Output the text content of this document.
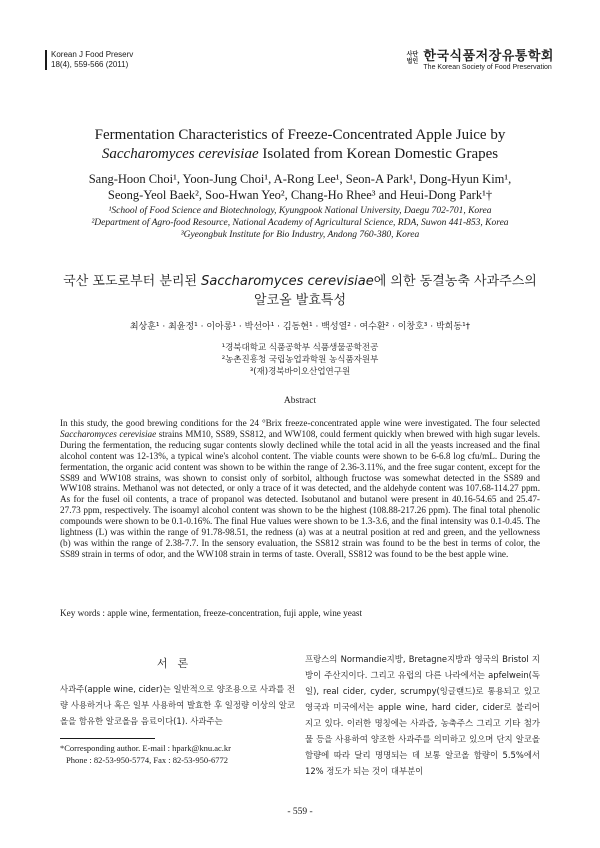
Korean J Food Preserv
18(4), 559-566 (2011)
사단 법인 한국식품저장유통학회
The Korean Society of Food Preservation
Fermentation Characteristics of Freeze-Concentrated Apple Juice by
Saccharomyces cerevisiae Isolated from Korean Domestic Grapes
Sang-Hoon Choi¹, Yoon-Jung Choi¹, A-Rong Lee¹, Seon-A Park¹, Dong-Hyun Kim¹,
Seong-Yeol Baek², Soo-Hwan Yeo², Chang-Ho Rhee³ and Heui-Dong Park¹†
¹School of Food Science and Biotechnology, Kyungpook National University, Daegu 702-701, Korea
²Department of Agro-food Resource, National Academy of Agricultural Science, RDA, Suwon 441-853, Korea
³Gyeongbuk Institute for Bio Industry, Andong 760-380, Korea
국산 포도로부터 분리된 Saccharomyces cerevisiae에 의한 동결농축 사과주스의
알코올 발효특성
최상훈¹ · 최윤정¹ · 이아롱¹ · 박선아¹ · 김동현¹ · 백성열² · 여수환² · 이창호³ · 박희동¹†
¹경북대학교 식품공학부 식품생물공학전공
²농촌진흥청 국립농업과학원 농식품자원부
³(재)경북바이오산업연구원
Abstract
In this study, the good brewing conditions for the 24 °Brix freeze-concentrated apple wine were investigated. The four selected Saccharomyces cerevisiae strains MM10, SS89, SS812, and WW108, could ferment quickly when brewed with high sugar levels. During the fermentation, the reducing sugar contents slowly declined while the total acid in all the yeasts increased and the final alcohol content was 12-13%, a typical wine's alcohol content. The viable counts were shown to be 6-6.8 log cfu/mL. During the fermentation, the organic acid content was shown to be within the range of 2.36-3.11%, and the free sugar content, except for the SS89 and WW108 strains, was shown to consist only of sorbitol, although fructose was somewhat detected in the SS89 and WW108 strains. Methanol was not detected, or only a trace of it was detected, and the aldehyde content was 107.68-114.27 ppm. As for the fusel oil contents, a trace of propanol was detected. Isobutanol and butanol were present in 40.16-54.65 and 25.47-27.73 ppm, respectively. The isoamyl alcohol content was shown to be the highest (108.88-217.26 ppm). The final total phenolic compounds were shown to be 0.1-0.16%. The final Hue values were shown to be 1.3-3.6, and the final intensity was 0.1-0.45. The lightness (L) was within the range of 91.78-98.51, the redness (a) was at a neutral position at red and green, and the yellowness (b) was within the range of 2.38-7.7. In the sensory evaluation, the SS812 strain was found to be the best in terms of color, the SS89 strain in terms of odor, and the WW108 strain in terms of taste. Overall, SS812 was found to be the best apple wine.
Key words : apple wine, fermentation, freeze-concentration, fuji apple, wine yeast
서론
사과주(apple wine, cider)는 일반적으로 양조용으로 사과를 전량 사용하거나 혹은 일부 사용하여 발효한 후 일정량 이상의 알코올을 함유한 알코올음 음료이다(1). 사과주는
프랑스의 Normandie지방, Bretagne지방과 영국의 Bristol 지방이 주산지이다. 그리고 유럽의 다른 나라에서는 apfelwein(독일), real cider, cyder, scrumpy(잉글랜드)로 통용되고 있고 영국과 미국에서는 apple wine, hard cider, cider로 불리어 지고 있다. 이러한 명칭에는 사과즙, 농축주스 그리고 기타 첨가물 등을 사용하여 양조한 사과주를 의미하고 있으며 단지 알코올 함량에 따라 달리 명명되는 데 보통 알코올 함량이 5.5%에서 12% 정도가 되는 것이 대부분이
*Corresponding author. E-mail : hpark@knu.ac.kr
Phone : 82-53-950-5774, Fax : 82-53-950-6772
- 559 -
